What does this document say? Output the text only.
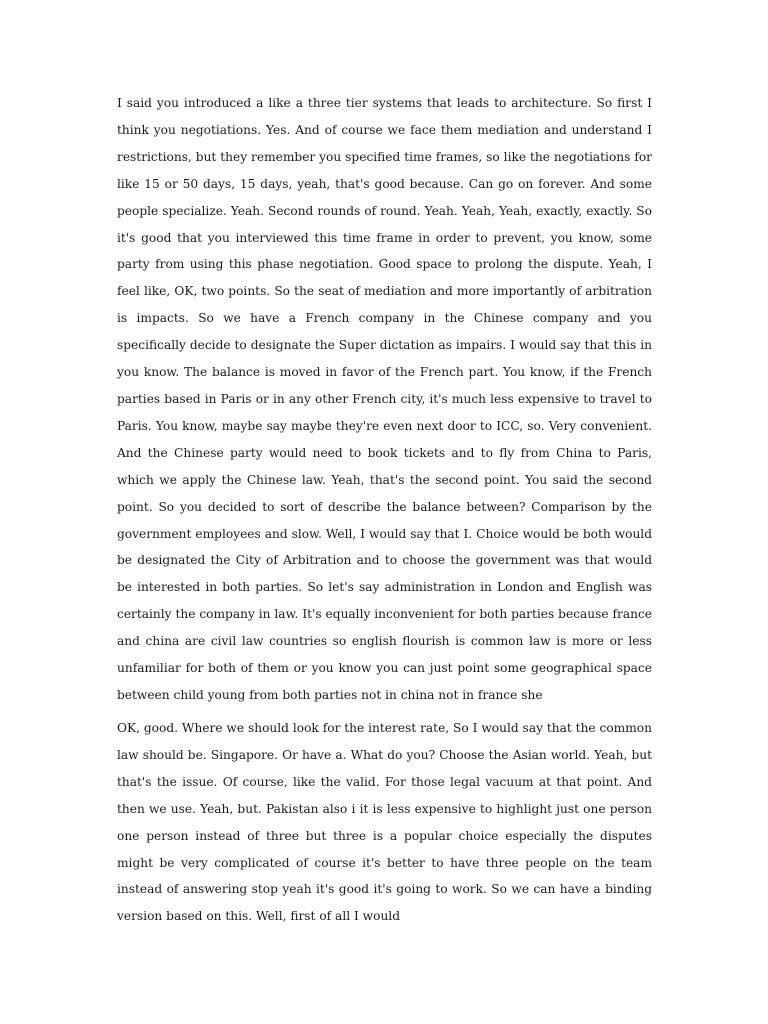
I said you introduced a like a three tier systems that leads to architecture. So first I think you negotiations. Yes. And of course we face them mediation and understand I restrictions, but they remember you specified time frames, so like the negotiations for like 15 or 50 days, 15 days, yeah, that's good because. Can go on forever. And some people specialize. Yeah. Second rounds of round. Yeah. Yeah, Yeah, exactly, exactly. So it's good that you interviewed this time frame in order to prevent, you know, some party from using this phase negotiation. Good space to prolong the dispute. Yeah, I feel like, OK, two points. So the seat of mediation and more importantly of arbitration is impacts. So we have a French company in the Chinese company and you specifically decide to designate the Super dictation as impairs. I would say that this in you know. The balance is moved in favor of the French part. You know, if the French parties based in Paris or in any other French city, it's much less expensive to travel to Paris. You know, maybe say maybe they're even next door to ICC, so. Very convenient. And the Chinese party would need to book tickets and to fly from China to Paris, which we apply the Chinese law. Yeah, that's the second point. You said the second point. So you decided to sort of describe the balance between? Comparison by the government employees and slow. Well, I would say that I. Choice would be both would be designated the City of Arbitration and to choose the government was that would be interested in both parties. So let's say administration in London and English was certainly the company in law. It's equally inconvenient for both parties because france and china are civil law countries so english flourish is common law is more or less unfamiliar for both of them or you know you can just point some geographical space between child young from both parties not in china not in france she

OK, good. Where we should look for the interest rate, So I would say that the common law should be. Singapore. Or have a. What do you? Choose the Asian world. Yeah, but that's the issue. Of course, like the valid. For those legal vacuum at that point. And then we use. Yeah, but. Pakistan also i it is less expensive to highlight just one person one person instead of three but three is a popular choice especially the disputes might be very complicated of course it's better to have three people on the team instead of answering stop yeah it's good it's going to work. So we can have a binding version based on this. Well, first of all I would
